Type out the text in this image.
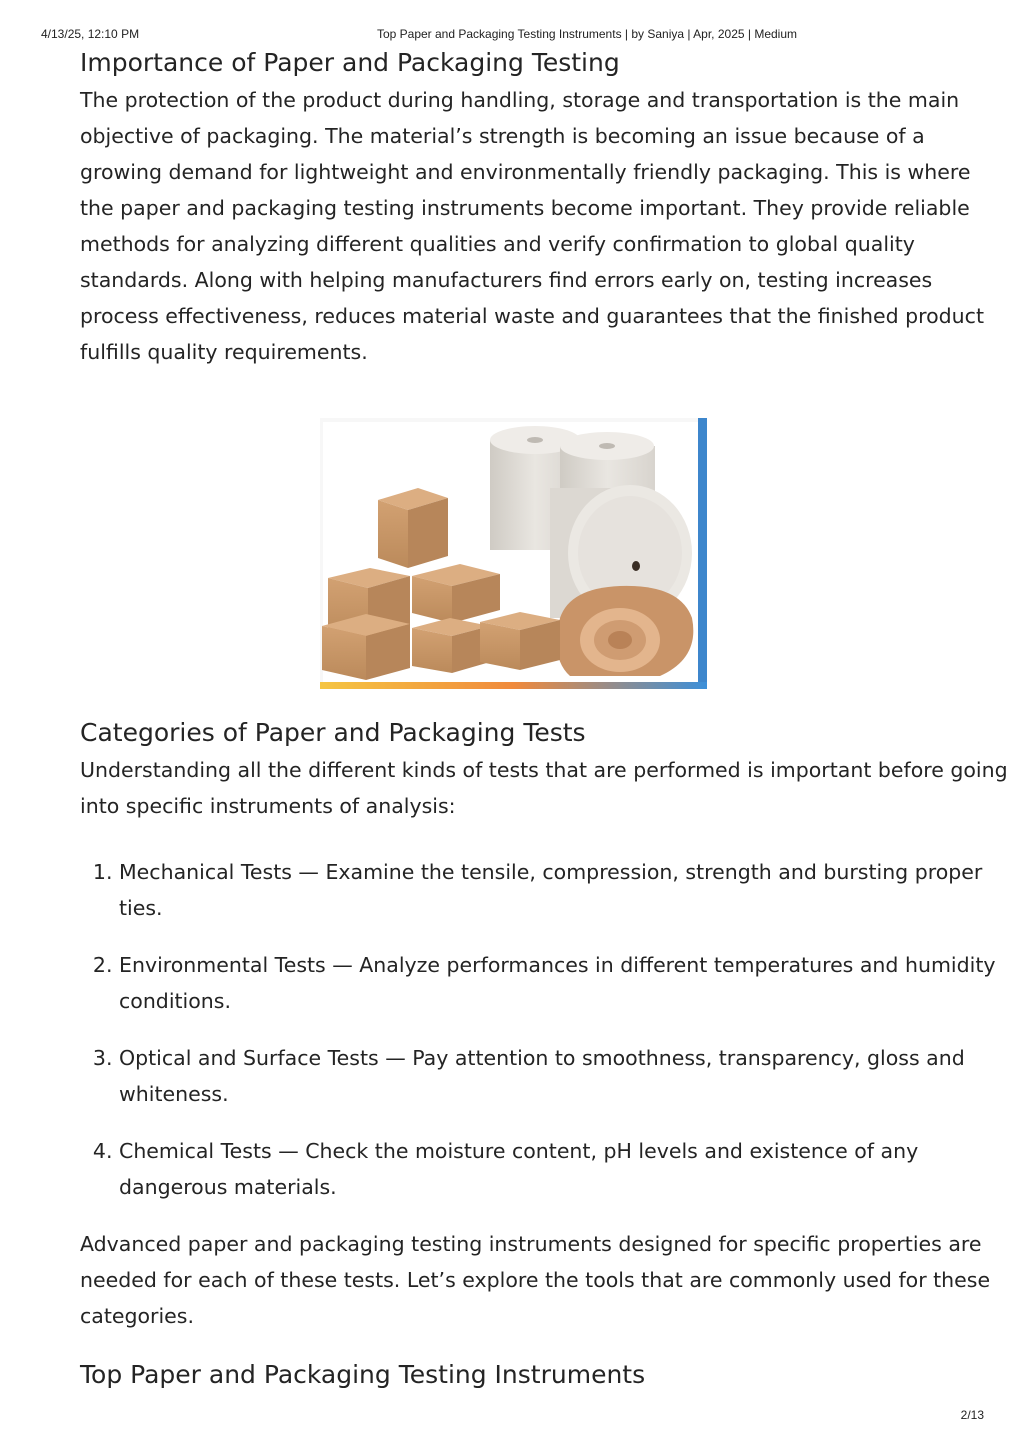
4/13/25, 12:10 PM	Top Paper and Packaging Testing Instruments | by Saniya | Apr, 2025 | Medium
Importance of Paper and Packaging Testing

The protection of the product during handling, storage and transportation is the main objective of packaging. The material’s strength is becoming an issue because of a growing demand for lightweight and environmentally friendly packaging. This is where the paper and packaging testing instruments become important. They provide reliable methods for analyzing different qualities and verify confirmation to global quality standards. Along with helping manufacturers find errors early on, testing increases process effectiveness, reduces material waste and guarantees that the finished product fulfills quality requirements.

Categories of Paper and Packaging Tests

Understanding all the different kinds of tests that are performed is important before going into specific instruments of analysis:

1. Mechanical Tests — Examine the tensile, compression, strength and bursting proper ties.
2. Environmental Tests — Analyze performances in different temperatures and humidity conditions.
3. Optical and Surface Tests — Pay attention to smoothness, transparency, gloss and whiteness.
4. Chemical Tests — Check the moisture content, pH levels and existence of any dangerous materials.

Advanced paper and packaging testing instruments designed for specific properties are needed for each of these tests. Let’s explore the tools that are commonly used for these categories.

Top Paper and Packaging Testing Instruments
2/13
